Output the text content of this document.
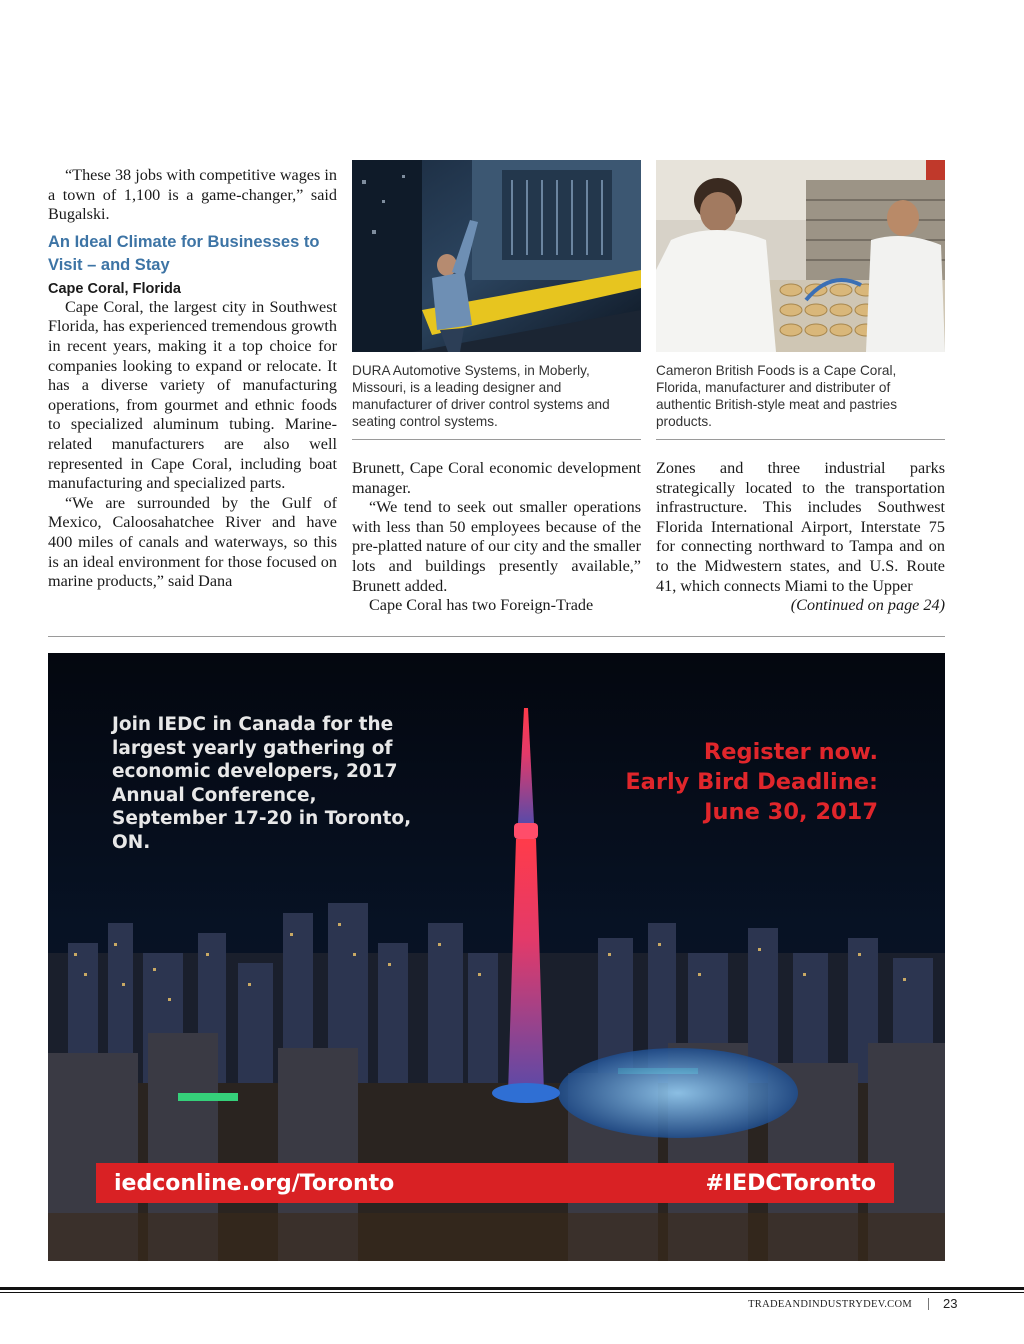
“These 38 jobs with competitive wages in a town of 1,100 is a game-changer,” said Bugalski.

An Ideal Climate for Businesses to Visit – and Stay
Cape Coral, Florida

Cape Coral, the largest city in Southwest Florida, has experienced tremendous growth in recent years, making it a top choice for companies looking to expand or relocate. It has a diverse variety of manufacturing operations, from gourmet and ethnic foods to specialized aluminum tubing. Marine-related manufacturers are also well represented in Cape Coral, including boat manufacturing and specialized parts.

“We are surrounded by the Gulf of Mexico, Caloosahatchee River and have 400 miles of canals and waterways, so this is an ideal environment for those focused on marine products,” said Dana

DURA Automotive Systems, in Moberly, Missouri, is a leading designer and manufacturer of driver control systems and seating control systems.
Cameron British Foods is a Cape Coral, Florida, manufacturer and distributer of authentic British-style meat and pastries products.

Brunett, Cape Coral economic development manager.

“We tend to seek out smaller operations with less than 50 employees because of the pre-platted nature of our city and the smaller lots and buildings presently available,” Brunett added.

Cape Coral has two Foreign-Trade

Zones and three industrial parks strategically located to the transportation infrastructure. This includes Southwest Florida International Airport, Interstate 75 for connecting northward to Tampa and on to the Midwestern states, and U.S. Route 41, which connects Miami to the Upper
(Continued on page 24)

Join IEDC in Canada for the largest yearly gathering of economic developers, 2017 Annual Conference, September 17-20 in Toronto, ON.
Register now.
Early Bird Deadline:
June 30, 2017
iedconline.org/Toronto	#IEDCToronto
TRADEANDINDUSTRYDEV.COM 23
